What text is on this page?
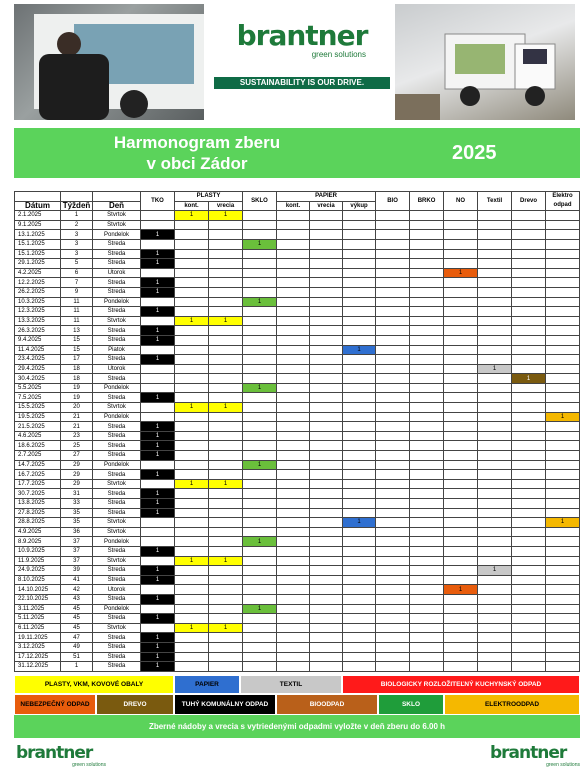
brantner
green solutions
SUSTAINABILITY IS OUR DRIVE.
Harmonogram zberu
v obci Zádor	2025
			TKO	PLASTY		SKLO	PAPIER			BIO	BRKO	NO	Textil	Drevo	Elektro odpad
Dátum	Týždeň	Deň		kont.	vrecia		kont.	vrecia	výkup						
2.1.2025	1	Štvrtok		1	1										
9.1.2025	2	Štvrtok													
13.1.2025	3	Pondelok	1												
15.1.2025	3	Streda				1									
15.1.2025	3	Streda	1												
29.1.2025	5	Streda	1												
4.2.2025	6	Utorok										1			
12.2.2025	7	Streda	1												
26.2.2025	9	Streda	1												
10.3.2025	11	Pondelok				1									
12.3.2025	11	Streda	1												
13.3.2025	11	Štvrtok		1	1										
26.3.2025	13	Streda	1												
9.4.2025	15	Streda	1												
11.4.2025	15	Piatok							1						
23.4.2025	17	Streda	1												
29.4.2025	18	Utorok											1		
30.4.2025	18	Streda												1	
5.5.2025	19	Pondelok				1									
7.5.2025	19	Streda	1												
15.5.2025	20	Štvrtok		1	1										
19.5.2025	21	Pondelok													1
21.5.2025	21	Streda	1												
4.6.2025	23	Streda	1												
18.6.2025	25	Streda	1												
2.7.2025	27	Streda	1												
14.7.2025	29	Pondelok				1									
16.7.2025	29	Streda	1												
17.7.2025	29	Štvrtok		1	1										
30.7.2025	31	Streda	1												
13.8.2025	33	Streda	1												
27.8.2025	35	Streda	1												
28.8.2025	35	Štvrtok							1						1
4.9.2025	36	Štvrtok													
8.9.2025	37	Pondelok				1									
10.9.2025	37	Streda	1												
11.9.2025	37	Štvrtok		1	1										
24.9.2025	39	Streda	1										1		
8.10.2025	41	Streda	1												
14.10.2025	42	Utorok										1			
22.10.2025	43	Streda	1												
3.11.2025	45	Pondelok				1									
5.11.2025	45	Streda	1												
6.11.2025	45	Štvrtok		1	1										
19.11.2025	47	Streda	1												
3.12.2025	49	Streda	1												
17.12.2025	51	Streda	1												
31.12.2025	1	Streda	1												
PLASTY, VKM, KOVOVÉ OBALY	PAPIER	TEXTIL	BIOLOGICKY ROZLOŽITEĽNÝ KUCHYNSKÝ ODPAD
NEBEZPEČNÝ ODPAD	DREVO	TUHÝ KOMUNÁLNY ODPAD	BIOODPAD	SKLO	ELEKTROODPAD
Zberné nádoby a vrecia s vytriedenými odpadmi vyložte v deň zberu do 6.00 h
brantner
green solutions
brantner
green solutions
